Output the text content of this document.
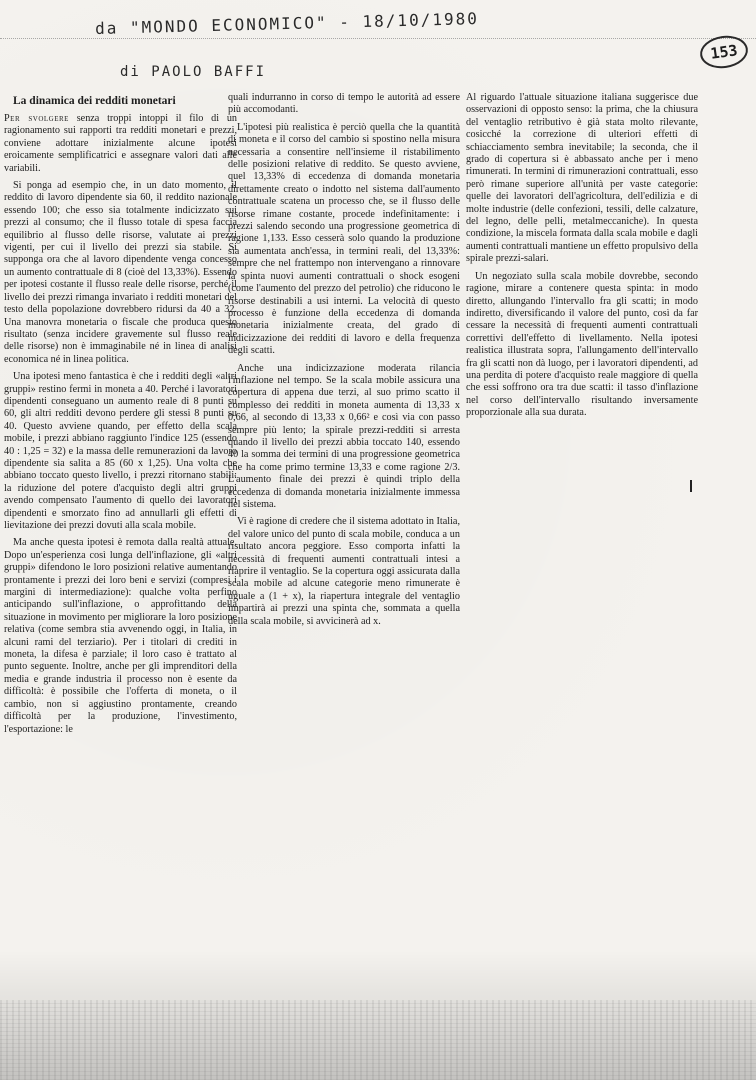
da "MONDO ECONOMICO" - 18/10/1980
di PAOLO BAFFI
153

La dinamica dei redditi monetari

Per svolgere senza troppi intoppi il filo di un ragionamento sui rapporti tra redditi monetari e prezzi, conviene adottare inizialmente alcune ipotesi eroicamente semplificatrici e assegnare valori dati alle variabili.

Si ponga ad esempio che, in un dato momento, il reddito di lavoro dipendente sia 60, il reddito nazionale essendo 100; che esso sia totalmente indicizzato sui prezzi al consumo; che il flusso totale di spesa faccia equilibrio al flusso delle risorse, valutate ai prezzi vigenti, per cui il livello dei prezzi sia stabile. Si supponga ora che al lavoro dipendente venga concesso un aumento contrattuale di 8 (cioè del 13,33%). Essendo per ipotesi costante il flusso reale delle risorse, perché il livello dei prezzi rimanga invariato i redditi monetari del testo della popolazione dovrebbero ridursi da 40 a 32. Una manovra monetaria o fiscale che produca questo risultato (senza incidere gravemente sul flusso reale delle risorse) non è immaginabile né in linea di analisi economica né in linea politica.

Una ipotesi meno fantastica è che i redditi degli «altri gruppi» restino fermi in moneta a 40. Perché i lavoratori dipendenti conseguano un aumento reale di 8 punti su 60, gli altri redditi devono perdere gli stessi 8 punti su 40. Questo avviene quando, per effetto della scala mobile, i prezzi abbiano raggiunto l'indice 125 (essendo 40 : 1,25 = 32) e la massa delle remunerazioni da lavoro dipendente sia salita a 85 (60 x 1,25). Una volta che abbiano toccato questo livello, i prezzi ritornano stabili: la riduzione del potere d'acquisto degli altri gruppi avendo compensato l'aumento di quello dei lavoratori dipendenti e smorzato fino ad annullarli gli effetti di lievitazione dei prezzi dovuti alla scala mobile.

Ma anche questa ipotesi è remota dalla realtà attuale. Dopo un'esperienza così lunga dell'inflazione, gli «altri gruppi» difendono le loro posizioni relative aumentando prontamente i prezzi dei loro beni e servizi (compresi i margini di intermediazione): qualche volta perfino anticipando sull'inflazione, o approfittando della situazione in movimento per migliorare la loro posizione relativa (come sembra stia avvenendo oggi, in Italia, in alcuni rami del terziario). Per i titolari di crediti in moneta, la difesa è parziale; il loro caso è trattato al punto seguente. Inoltre, anche per gli imprenditori della media e grande industria il processo non è esente da difficoltà: è possibile che l'offerta di moneta, o il cambio, non si aggiustino prontamente, creando difficoltà per la produzione, l'investimento, l'esportazione: le

quali indurranno in corso di tempo le autorità ad essere più accomodanti.

L'ipotesi più realistica è perciò quella che la quantità di moneta e il corso del cambio si spostino nella misura necessaria a consentire nell'insieme il ristabilimento delle posizioni relative di reddito. Se questo avviene, quel 13,33% di eccedenza di domanda monetaria direttamente creato o indotto nel sistema dall'aumento contrattuale scatena un processo che, se il flusso delle risorse rimane costante, procede indefinitamente: i prezzi salendo secondo una progressione geometrica di ragione 1,133. Esso cesserà solo quando la produzione sia aumentata anch'essa, in termini reali, del 13,33%: sempre che nel frattempo non intervengano a rinnovare la spinta nuovi aumenti contrattuali o shock esogeni (come l'aumento del prezzo del petrolio) che riducono le risorse destinabili a usi interni. La velocità di questo processo è funzione della eccedenza di domanda monetaria inizialmente creata, del grado di indicizzazione dei redditi di lavoro e della frequenza degli scatti.

Anche una indicizzazione moderata rilancia l'inflazione nel tempo. Se la scala mobile assicura una copertura di appena due terzi, al suo primo scatto il complesso dei redditi in moneta aumenta di 13,33 x 0,66, al secondo di 13,33 x 0,66² e così via con passo sempre più lento; la spirale prezzi-redditi si arresta quando il livello dei prezzi abbia toccato 140, essendo 40 la somma dei termini di una progressione geometrica che ha come primo termine 13,33 e come ragione 2/3. L'aumento finale dei prezzi è quindi triplo della eccedenza di domanda monetaria inizialmente immessa nel sistema.

Vi è ragione di credere che il sistema adottato in Italia, del valore unico del punto di scala mobile, conduca a un risultato ancora peggiore. Esso comporta infatti la necessità di frequenti aumenti contrattuali intesi a riaprire il ventaglio. Se la copertura oggi assicurata dalla scala mobile ad alcune categorie meno rimunerate è uguale a (1 + x), la riapertura integrale del ventaglio impartirà ai prezzi una spinta che, sommata a quella della scala mobile, si avvicinerà ad x.

Al riguardo l'attuale situazione italiana suggerisce due osservazioni di opposto senso: la prima, che la chiusura del ventaglio retributivo è già stata molto rilevante, cosicché la correzione di ulteriori effetti di schiacciamento sembra inevitabile; la seconda, che il grado di copertura si è abbassato anche per i meno rimunerati. In termini di rimunerazioni contrattuali, esso però rimane superiore all'unità per vaste categorie: quelle dei lavoratori dell'agricoltura, dell'edilizia e di molte industrie (delle confezioni, tessili, delle calzature, del legno, delle pelli, metalmeccaniche). In questa condizione, la miscela formata dalla scala mobile e dagli aumenti contrattuali mantiene un effetto propulsivo della spirale prezzi-salari.

Un negoziato sulla scala mobile dovrebbe, secondo ragione, mirare a contenere questa spinta: in modo diretto, allungando l'intervallo fra gli scatti; in modo indiretto, diversificando il valore del punto, così da far cessare la necessità di frequenti aumenti contrattuali correttivi dell'effetto di livellamento. Nella ipotesi realistica illustrata sopra, l'allungamento dell'intervallo fra gli scatti non dà luogo, per i lavoratori dipendenti, ad una perdita di potere d'acquisto reale maggiore di quella che essi soffrono ora tra due scatti: il tasso d'inflazione nel corso dell'intervallo risultando inversamente proporzionale alla sua durata.
